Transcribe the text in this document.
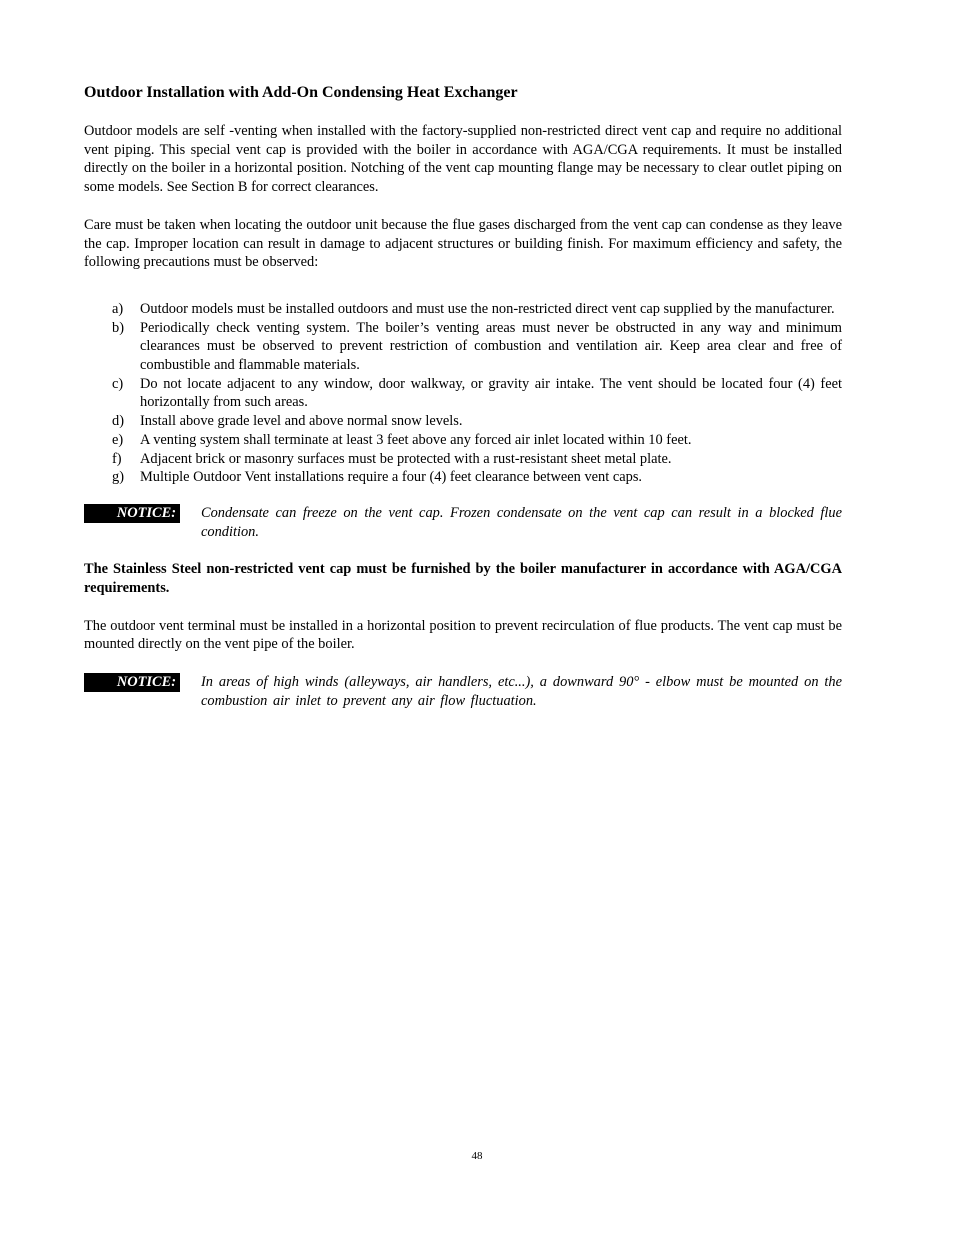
Outdoor Installation with Add-On Condensing Heat Exchanger

Outdoor models are self -venting when installed with the factory-supplied non-restricted direct vent cap and require no additional vent piping. This special vent cap is provided with the boiler in accordance with AGA/CGA requirements. It must be installed directly on the boiler in a horizontal position. Notching of the vent cap mounting flange may be necessary to clear outlet piping on some models. See Section B for correct clearances.

Care must be taken when locating the outdoor unit because the flue gases discharged from the vent cap can condense as they leave the cap. Improper location can result in damage to adjacent structures or building finish. For maximum efficiency and safety, the following precautions must be observed:

a)	Outdoor models must be installed outdoors and must use the non-restricted direct vent cap supplied by the manufacturer.
b)	Periodically check venting system. The boiler’s venting areas must never be obstructed in any way and minimum clearances must be observed to prevent restriction of combustion and ventilation air. Keep area clear and free of combustible and flammable materials.
c)	Do not locate adjacent to any window, door walkway, or gravity air intake. The vent should be located four (4) feet horizontally from such areas.
d)	Install above grade level and above normal snow levels.
e)	A venting system shall terminate at least 3 feet above any forced air inlet located within 10 feet.
f)	Adjacent brick or masonry surfaces must be protected with a rust-resistant sheet metal plate.
g)	Multiple Outdoor Vent installations require a four (4) feet clearance between vent caps.
NOTICE: Condensate can freeze on the vent cap. Frozen condensate on the vent cap can result in a blocked flue condition.

The Stainless Steel non-restricted vent cap must be furnished by the boiler manufacturer in accordance with AGA/CGA requirements.

The outdoor vent terminal must be installed in a horizontal position to prevent recirculation of flue products. The vent cap must be mounted directly on the vent pipe of the boiler.

NOTICE: In areas of high winds (alleyways, air handlers, etc...), a downward 90° - elbow must be mounted on the combustion air inlet to prevent any air flow fluctuation.
48
